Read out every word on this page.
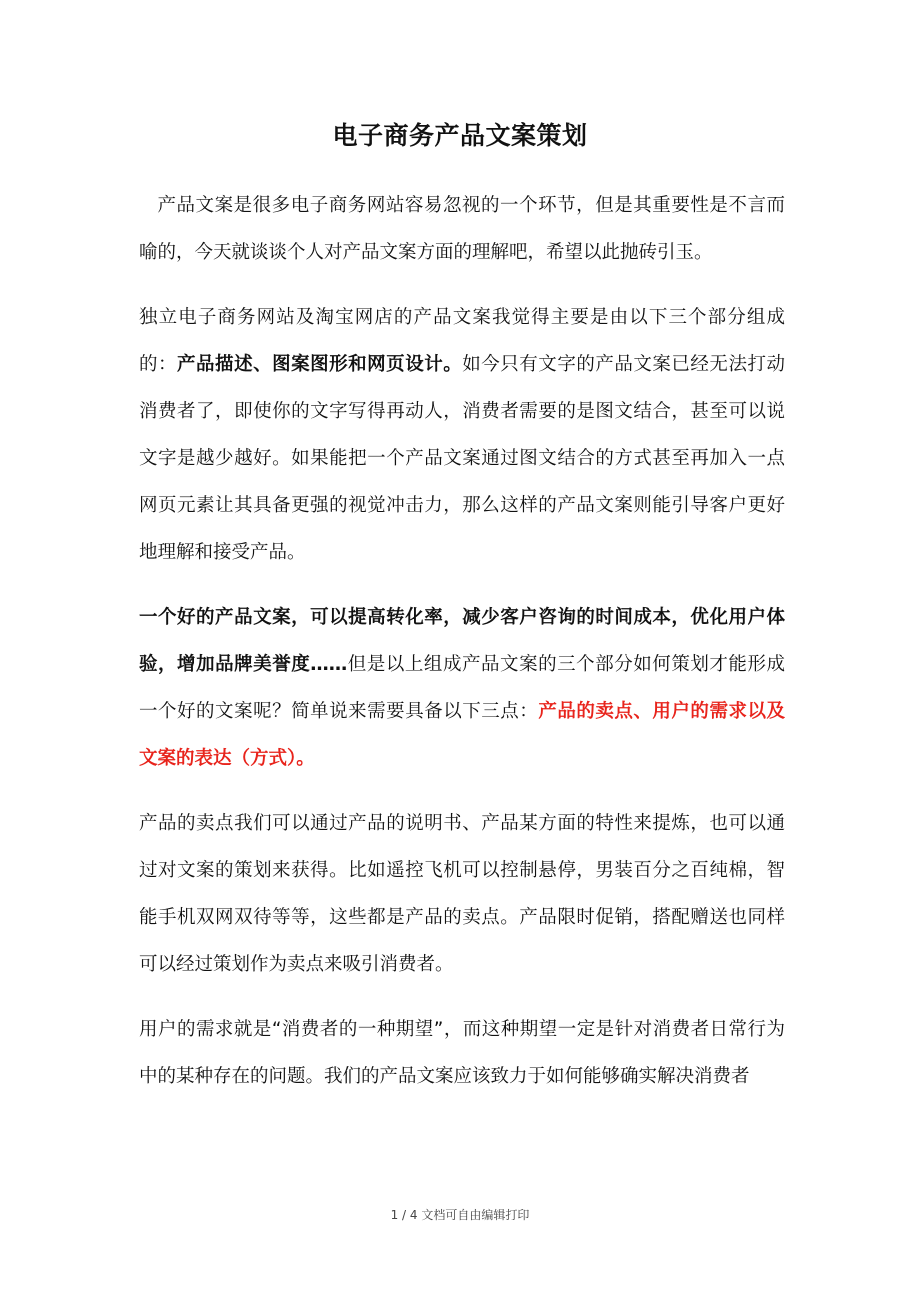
电子商务产品文案策划

产品文案是很多电子商务网站容易忽视的一个环节，但是其重要性是不言而喻的，今天就谈谈个人对产品文案方面的理解吧，希望以此抛砖引玉。

独立电子商务网站及淘宝网店的产品文案我觉得主要是由以下三个部分组成的：产品描述、图案图形和网页设计。如今只有文字的产品文案已经无法打动消费者了，即使你的文字写得再动人，消费者需要的是图文结合，甚至可以说文字是越少越好。如果能把一个产品文案通过图文结合的方式甚至再加入一点网页元素让其具备更强的视觉冲击力，那么这样的产品文案则能引导客户更好地理解和接受产品。

一个好的产品文案，可以提高转化率，减少客户咨询的时间成本，优化用户体验，增加品牌美誉度……但是以上组成产品文案的三个部分如何策划才能形成一个好的文案呢？简单说来需要具备以下三点：产品的卖点、用户的需求以及文案的表达（方式）。

产品的卖点我们可以通过产品的说明书、产品某方面的特性来提炼，也可以通过对文案的策划来获得。比如遥控飞机可以控制悬停，男装百分之百纯棉，智能手机双网双待等等，这些都是产品的卖点。产品限时促销，搭配赠送也同样可以经过策划作为卖点来吸引消费者。

用户的需求就是“消费者的一种期望”，而这种期望一定是针对消费者日常行为中的某种存在的问题。我们的产品文案应该致力于如何能够确实解决消费者

1 / 4 文档可自由编辑打印
